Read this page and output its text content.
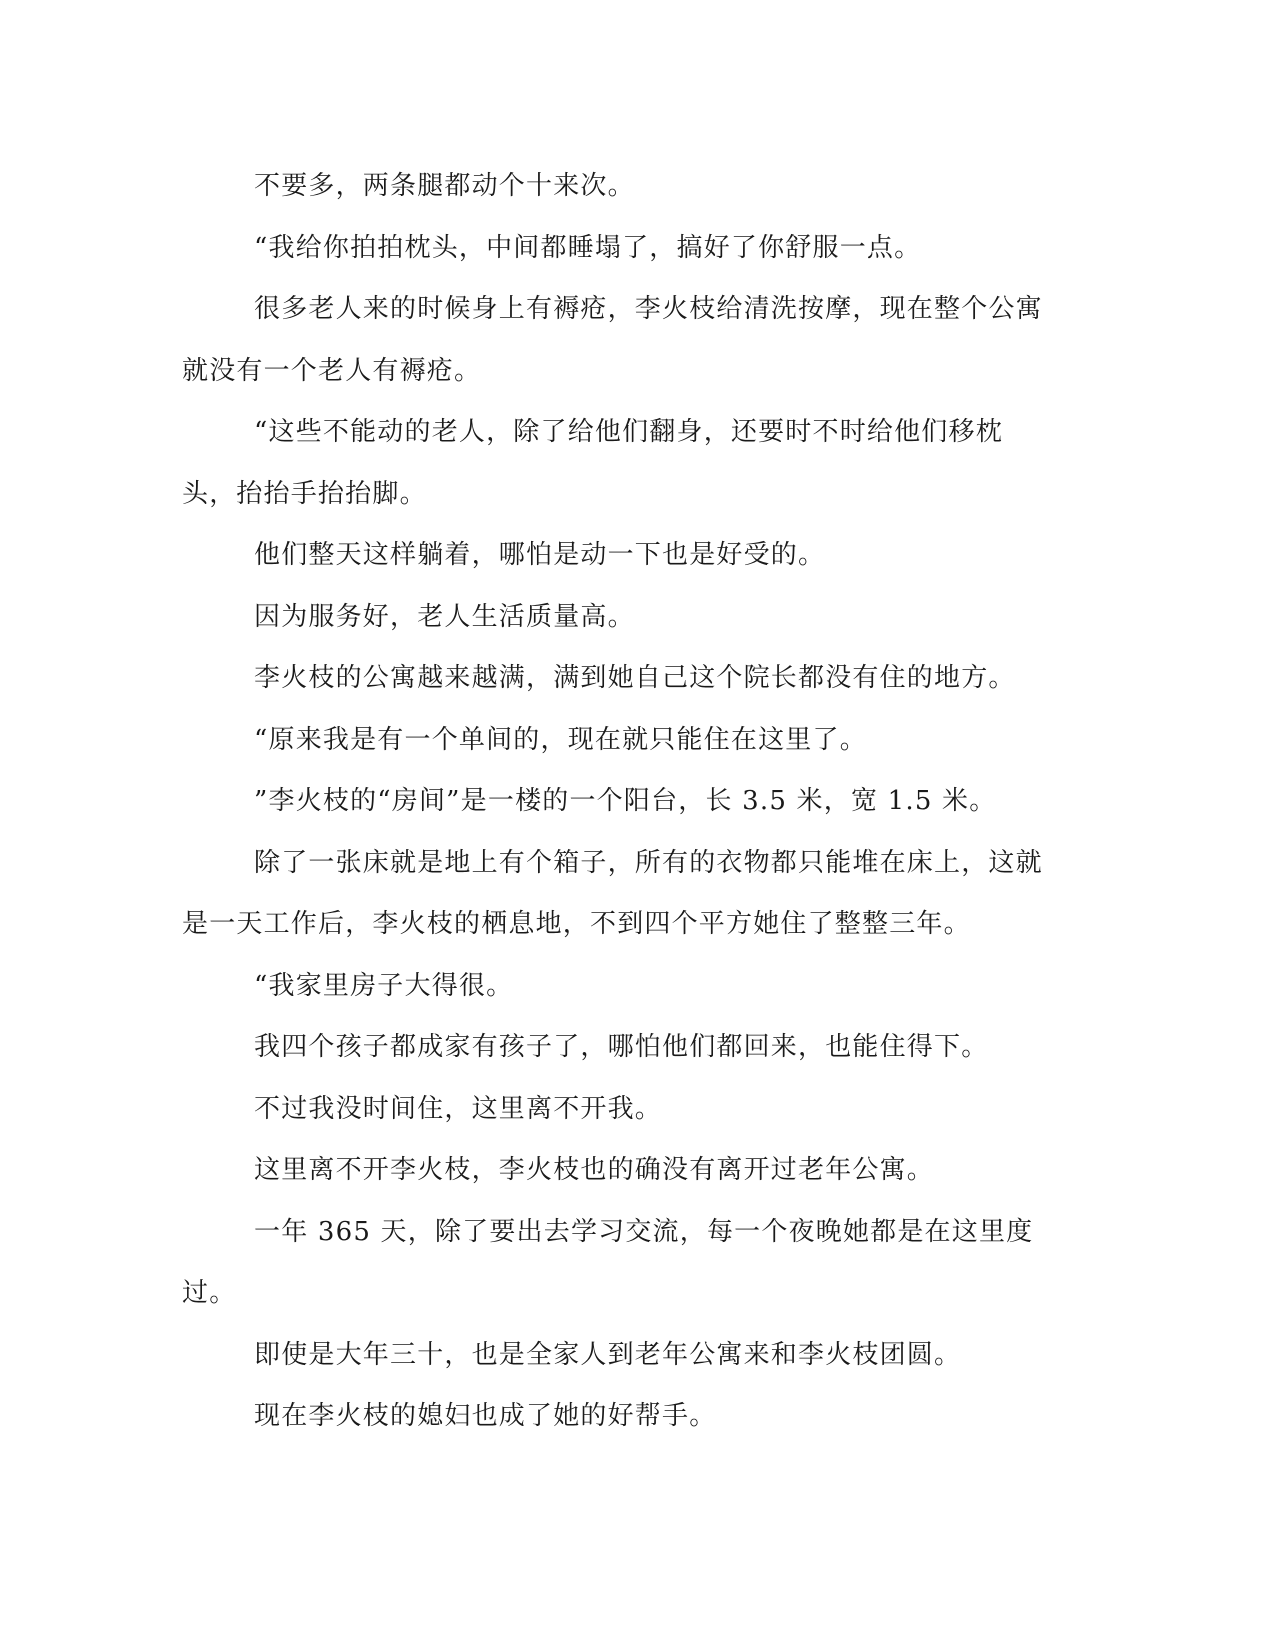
不要多，两条腿都动个十来次。

“我给你拍拍枕头，中间都睡塌了，搞好了你舒服一点。

很多老人来的时候身上有褥疮，李火枝给清洗按摩，现在整个公寓就没有一个老人有褥疮。

“这些不能动的老人，除了给他们翻身，还要时不时给他们移枕头，抬抬手抬抬脚。

他们整天这样躺着，哪怕是动一下也是好受的。

因为服务好，老人生活质量高。

李火枝的公寓越来越满，满到她自己这个院长都没有住的地方。

“原来我是有一个单间的，现在就只能住在这里了。

”李火枝的“房间”是一楼的一个阳台，长 3.5 米，宽 1.5 米。

除了一张床就是地上有个箱子，所有的衣物都只能堆在床上，这就是一天工作后，李火枝的栖息地，不到四个平方她住了整整三年。

“我家里房子大得很。

我四个孩子都成家有孩子了，哪怕他们都回来，也能住得下。

不过我没时间住，这里离不开我。

这里离不开李火枝，李火枝也的确没有离开过老年公寓。

一年 365 天，除了要出去学习交流，每一个夜晚她都是在这里度过。

即使是大年三十，也是全家人到老年公寓来和李火枝团圆。

现在李火枝的媳妇也成了她的好帮手。
